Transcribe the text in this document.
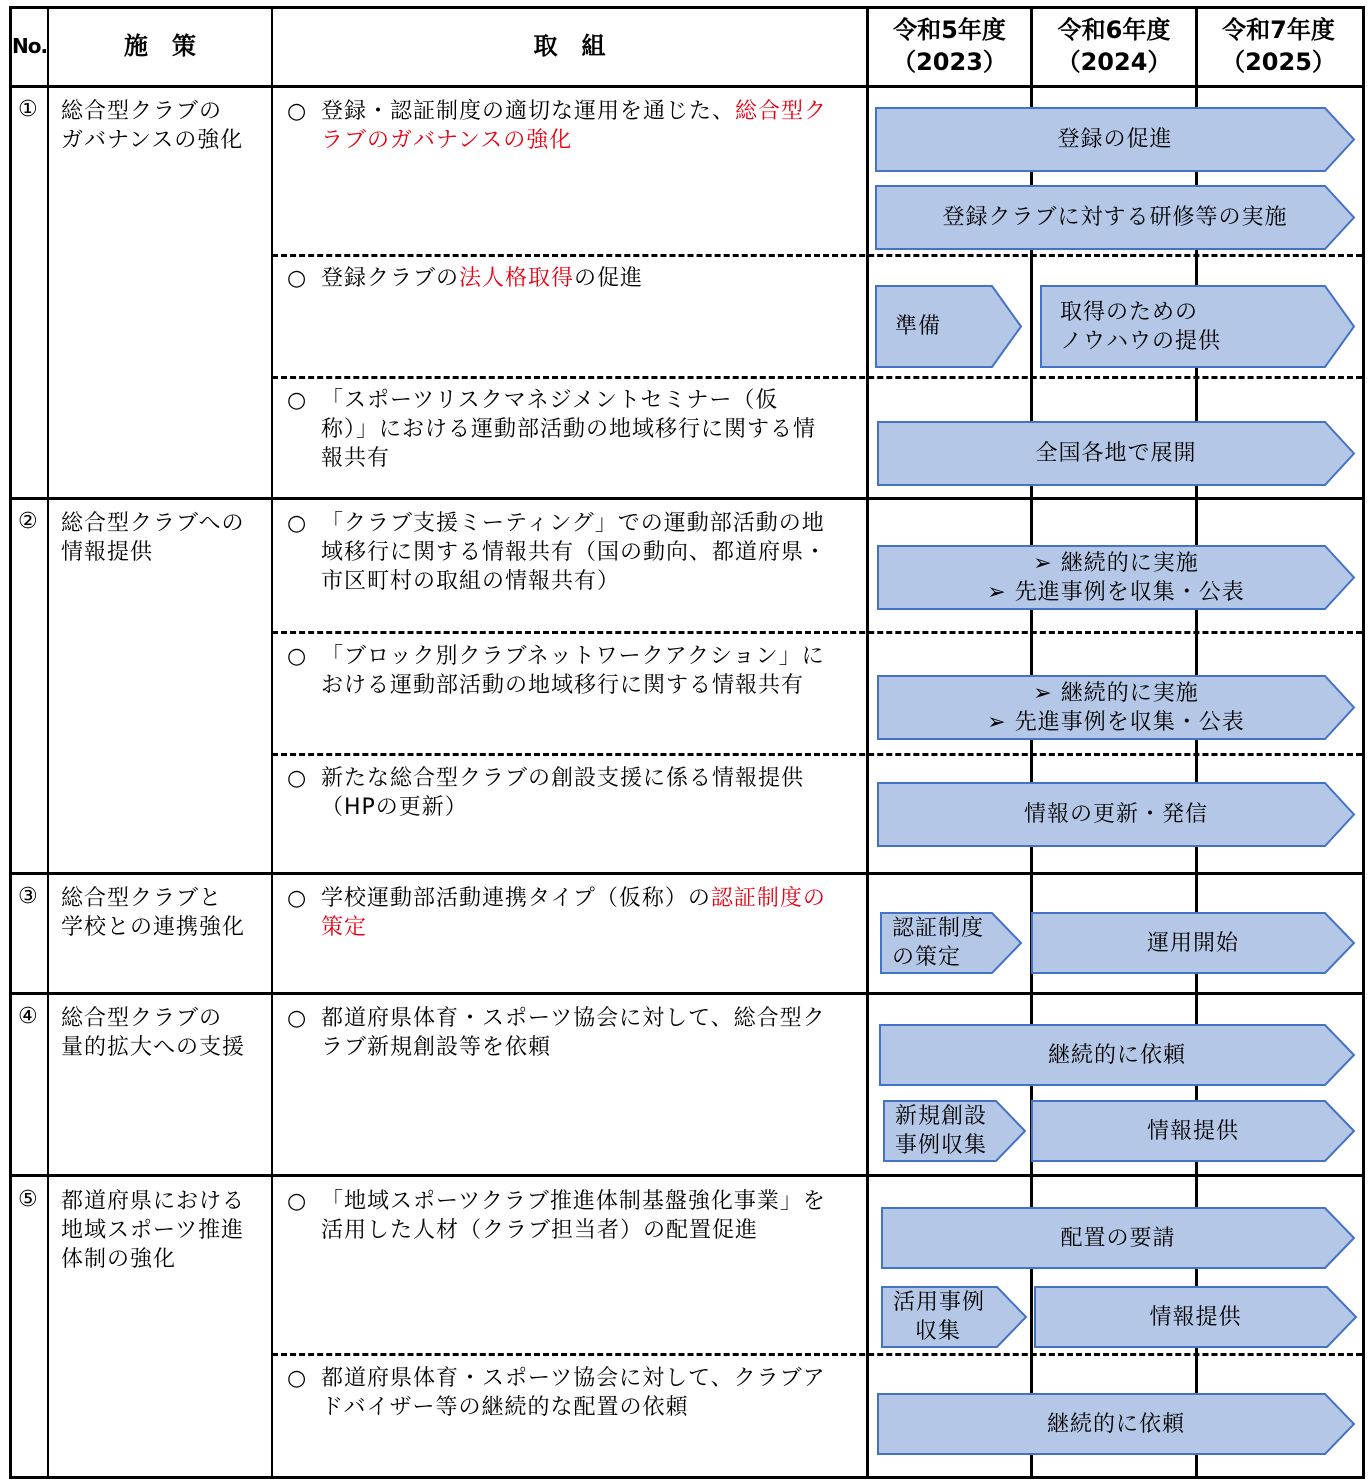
No.	施　策	取　組
令和5年度
（2023）
令和6年度
（2024）
令和7年度
（2025）
① 総合型クラブの
ガバナンスの強化
○ 登録・認証制度の適切な運用を通じた、総合型ク
ラブのガバナンスの強化
○ 登録クラブの法人格取得の促進
○ 「スポーツリスクマネジメントセミナー（仮
称）」における運動部活動の地域移行に関する情
報共有
② 総合型クラブへの
情報提供
○ 「クラブ支援ミーティング」での運動部活動の地
域移行に関する情報共有（国の動向、都道府県・
市区町村の取組の情報共有）
○ 「ブロック別クラブネットワークアクション」に
おける運動部活動の地域移行に関する情報共有
○ 新たな総合型クラブの創設支援に係る情報提供
（HPの更新）
③ 総合型クラブと
学校との連携強化
○ 学校運動部活動連携タイプ（仮称）の認証制度の
策定
④ 総合型クラブの
量的拡大への支援
○ 都道府県体育・スポーツ協会に対して、総合型ク
ラブ新規創設等を依頼
⑤ 都道府県における
地域スポーツ推進
体制の強化
○ 「地域スポーツクラブ推進体制基盤強化事業」を
活用した人材（クラブ担当者）の配置促進
○ 都道府県体育・スポーツ協会に対して、クラブア
ドバイザー等の継続的な配置の依頼
登録の促進
登録クラブに対する研修等の実施
準備
取得のための
ノウハウの提供
全国各地で展開
➢ 継続的に実施
➢ 先進事例を収集・公表
➢ 継続的に実施
➢ 先進事例を収集・公表
情報の更新・発信
認証制度
の策定
運用開始
継続的に依頼
新規創設
事例収集
情報提供
配置の要請
活用事例
収集
情報提供
継続的に依頼
